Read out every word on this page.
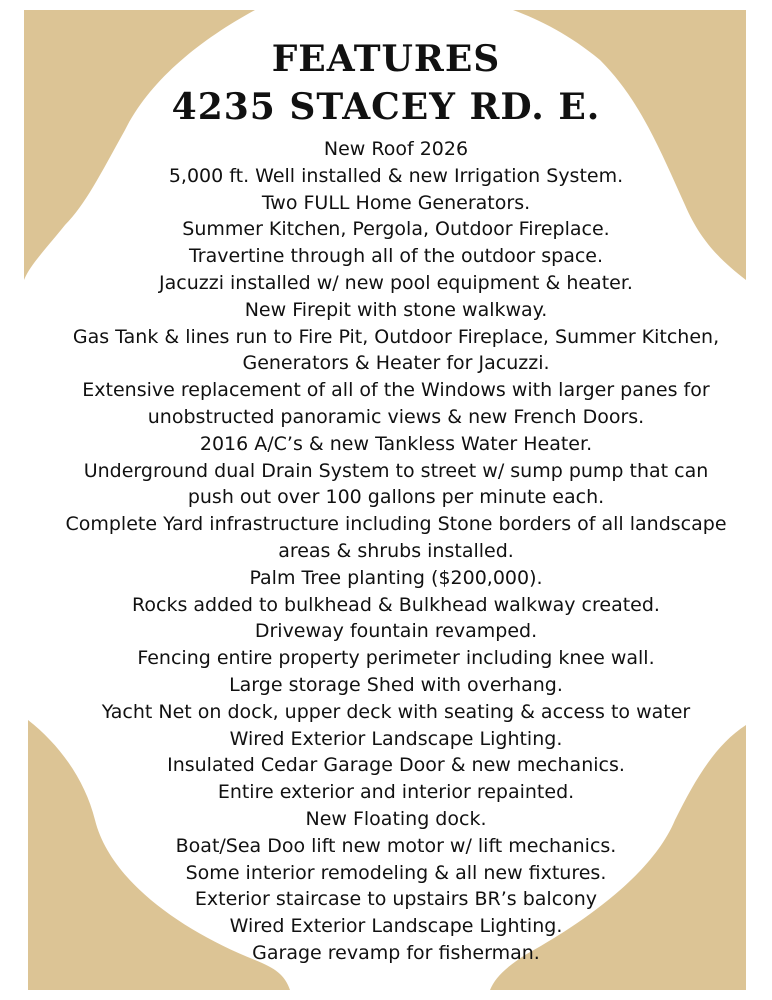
FEATURES
4235 STACEY RD. E.
New Roof 2026
5,000 ft. Well installed & new Irrigation System.
Two FULL Home Generators.
Summer Kitchen, Pergola, Outdoor Fireplace.
Travertine through all of the outdoor space.
Jacuzzi installed w/ new pool equipment & heater.
New Firepit with stone walkway.
Gas Tank & lines run to Fire Pit, Outdoor Fireplace, Summer Kitchen,
Generators & Heater for Jacuzzi.
Extensive replacement of all of the Windows with larger panes for
unobstructed panoramic views & new French Doors.
2016 A/C’s & new Tankless Water Heater.
Underground dual Drain System to street w/ sump pump that can
push out over 100 gallons per minute each.
Complete Yard infrastructure including Stone borders of all landscape
areas & shrubs installed.
Palm Tree planting ($200,000).
Rocks added to bulkhead & Bulkhead walkway created.
Driveway fountain revamped.
Fencing entire property perimeter including knee wall.
Large storage Shed with overhang.
Yacht Net on dock, upper deck with seating & access to water
Wired Exterior Landscape Lighting.
Insulated Cedar Garage Door & new mechanics.
Entire exterior and interior repainted.
New Floating dock.
Boat/Sea Doo lift new motor w/ lift mechanics.
Some interior remodeling & all new fixtures.
Exterior staircase to upstairs BR’s balcony
Wired Exterior Landscape Lighting.
Garage revamp for fisherman.
